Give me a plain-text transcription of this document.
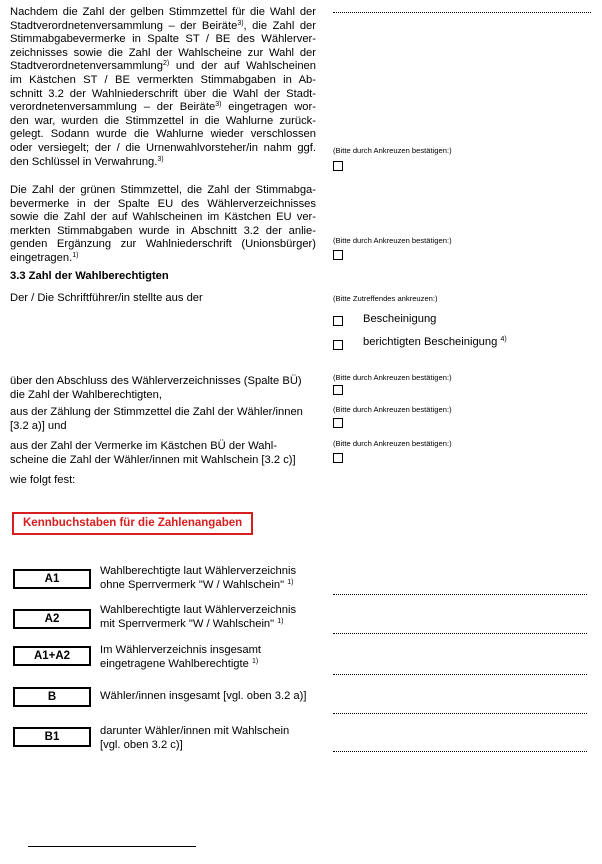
Nachdem die Zahl der gelben Stimmzettel für die Wahl der
Stadtverordnetenversammlung – der Beiräte$^{3)}$, die Zahl der
Stimmabgabevermerke in Spalte ST / BE des Wählerver-
zeichnisses sowie die Zahl der Wahlscheine zur Wahl der
Stadtverordnetenversammlung$^{2)}$ und der auf Wahlscheinen
im Kästchen ST / BE vermerkten Stimmabgaben in Ab-
schnitt 3.2 der Wahlniederschrift über die Wahl der Stadt-
verordnetenversammlung – der Beiräte$^{3)}$ eingetragen wor-
den war, wurden die Stimmzettel in die Wahlurne zurück-
gelegt. Sodann wurde die Wahlurne wieder verschlossen
oder versiegelt; der / die Urnenwahlvorsteher/in nahm ggf.
den Schlüssel in Verwahrung.$^{3)}$
(Bitte durch Ankreuzen bestätigen:)
Die Zahl der grünen Stimmzettel, die Zahl der Stimmabga-
bevermerke in der Spalte EU des Wählerverzeichnisses
sowie die Zahl der auf Wahlscheinen im Kästchen EU ver-
merkten Stimmabgaben wurde in Abschnitt 3.2 der anlie-
genden Ergänzung zur Wahlniederschrift (Unionsbürger)
eingetragen.$^{1)}$
(Bitte durch Ankreuzen bestätigen:)
3.3 Zahl der Wahlberechtigten
Der / Die Schriftführer/in stellte aus der	(Bitte Zutreffendes ankreuzen:)
Bescheinigung
berichtigten Bescheinigung $^{4)}$
über den Abschluss des Wählerverzeichnisses (Spalte BÜ)
die Zahl der Wahlberechtigten,
(Bitte durch Ankreuzen bestätigen:)
aus der Zählung der Stimmzettel die Zahl der Wähler/innen
[3.2 a)] und
(Bitte durch Ankreuzen bestätigen:)
aus der Zahl der Vermerke im Kästchen BÜ der Wahl-
scheine die Zahl der Wähler/innen mit Wahlschein [3.2 c)]
(Bitte durch Ankreuzen bestätigen:)
wie folgt fest:
Kennbuchstaben für die Zahlenangaben
A1
Wahlberechtigte laut Wählerverzeichnis
ohne Sperrvermerk "W / Wahlschein" $^{1)}$
A2
Wahlberechtigte laut Wählerverzeichnis
mit Sperrvermerk "W / Wahlschein" $^{1)}$
A1+A2	Im Wählerverzeichnis insgesamt
eingetragene Wahlberechtigte $^{1)}$
B	Wähler/innen insgesamt [vgl. oben 3.2 a)]
B1	darunter Wähler/innen mit Wahlschein
[vgl. oben 3.2 c)]
